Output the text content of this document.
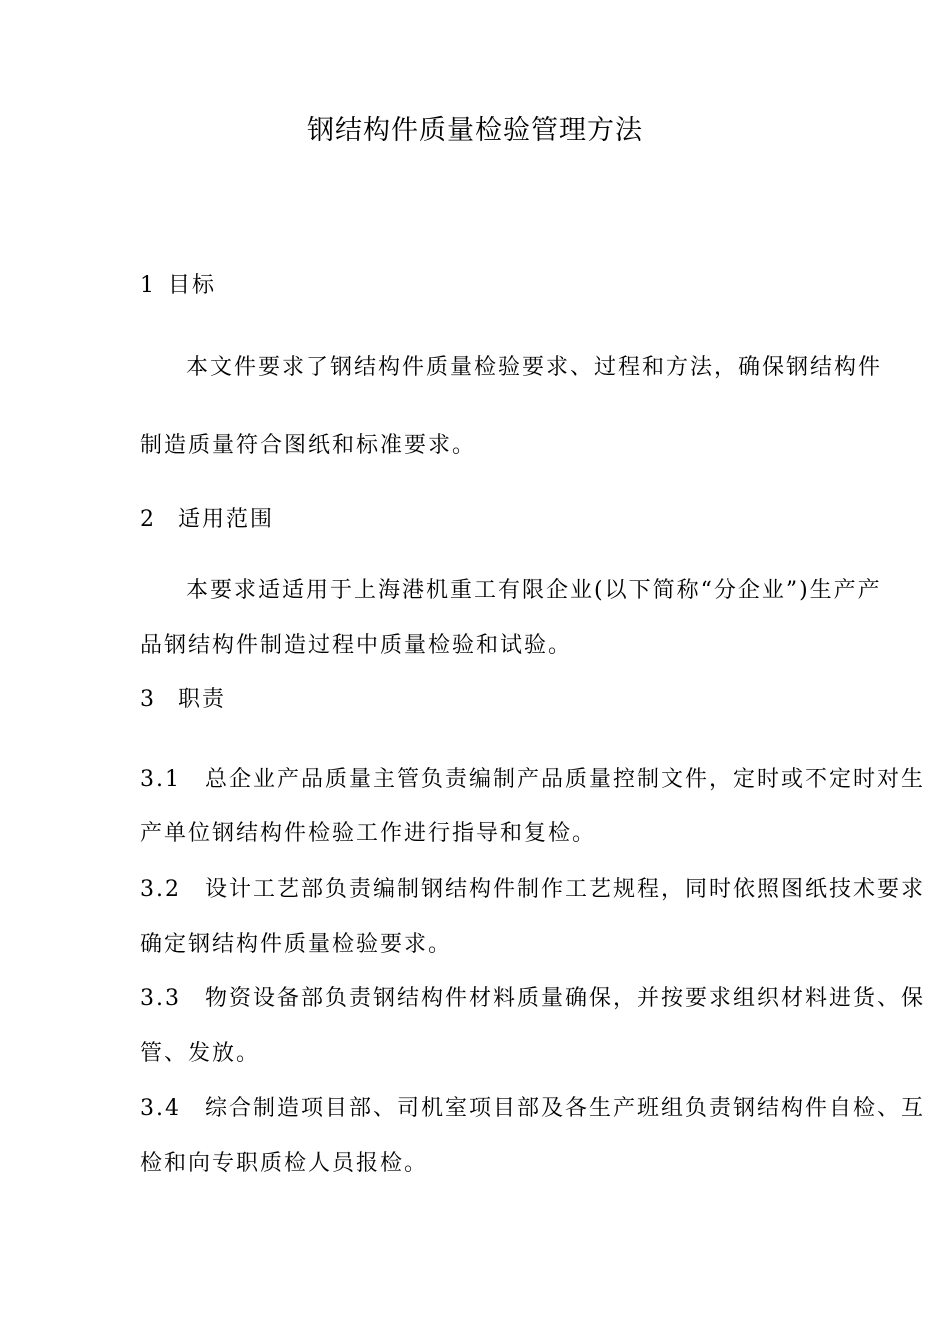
钢结构件质量检验管理方法
1 目标
本文件要求了钢结构件质量检验要求、过程和方法，确保钢结构件
制造质量符合图纸和标准要求。
2 适用范围
本要求适适用于上海港机重工有限企业(以下简称“分企业”)生产产
品钢结构件制造过程中质量检验和试验。
3 职责
3.1 总企业产品质量主管负责编制产品质量控制文件，定时或不定时对生
产单位钢结构件检验工作进行指导和复检。
3.2 设计工艺部负责编制钢结构件制作工艺规程，同时依照图纸技术要求
确定钢结构件质量检验要求。
3.3 物资设备部负责钢结构件材料质量确保，并按要求组织材料进货、保
管、发放。
3.4 综合制造项目部、司机室项目部及各生产班组负责钢结构件自检、互
检和向专职质检人员报检。
